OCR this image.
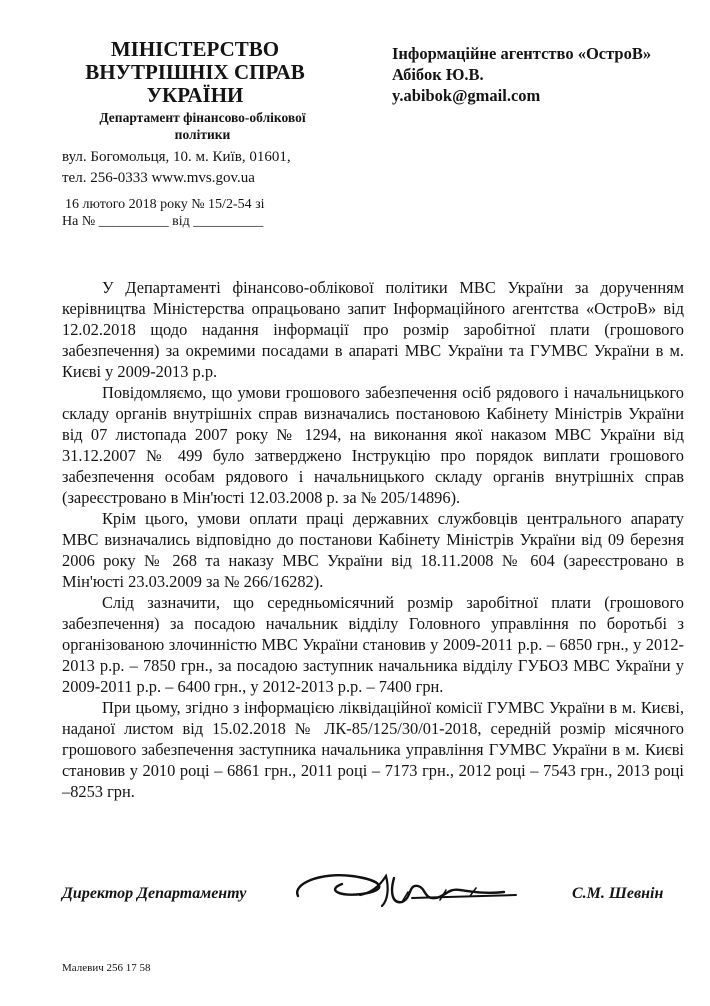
МІНІСТЕРСТВО
ВНУТРІШНІХ СПРАВ
УКРАЇНИ
Департамент фінансово-облікової політики
вул. Богомольця, 10. м. Київ, 01601,
тел. 256-0333 www.mvs.gov.ua
16 лютого 2018 року № 15/2-54 зі
На № __________ від __________
Інформаційне агентство «ОстроВ»
Абібок Ю.В.
y.abibok@gmail.com

У Департаменті фінансово-облікової політики МВС України за дорученням керівництва Міністерства опрацьовано запит Інформаційного агентства «ОстроВ» від 12.02.2018 щодо надання інформації про розмір заробітної плати (грошового забезпечення) за окремими посадами в апараті МВС України та ГУМВС України в м. Києві у 2009-2013 р.р.

Повідомляємо, що умови грошового забезпечення осіб рядового і начальницького складу органів внутрішніх справ визначались постановою Кабінету Міністрів України від 07 листопада 2007 року № 1294, на виконання якої наказом МВС України від 31.12.2007 № 499 було затверджено Інструкцію про порядок виплати грошового забезпечення особам рядового і начальницького складу органів внутрішніх справ (зареєстровано в Мін'юсті 12.03.2008 р. за № 205/14896).

Крім цього, умови оплати праці державних службовців центрального апарату МВС визначались відповідно до постанови Кабінету Міністрів України від 09 березня 2006 року № 268 та наказу МВС України від 18.11.2008 № 604 (зареєстровано в Мін'юсті 23.03.2009 за № 266/16282).

Слід зазначити, що середньомісячний розмір заробітної плати (грошового забезпечення) за посадою начальник відділу Головного управління по боротьбі з організованою злочинністю МВС України становив у 2009-2011 р.р. – 6850 грн., у 2012-2013 р.р. – 7850 грн., за посадою заступник начальника відділу ГУБОЗ МВС України у 2009-2011 р.р. – 6400 грн., у 2012-2013 р.р. – 7400 грн.

При цьому, згідно з інформацією ліквідаційної комісії ГУМВС України в м. Києві, наданої листом від 15.02.2018 № ЛК-85/125/30/01-2018, середній розмір місячного грошового забезпечення заступника начальника управління ГУМВС України в м. Києві становив у 2010 році – 6861 грн., 2011 році – 7173 грн., 2012 році – 7543 грн., 2013 році –8253 грн.

Директор Департаменту	С.М. Шевнін
Малевич 256 17 58
